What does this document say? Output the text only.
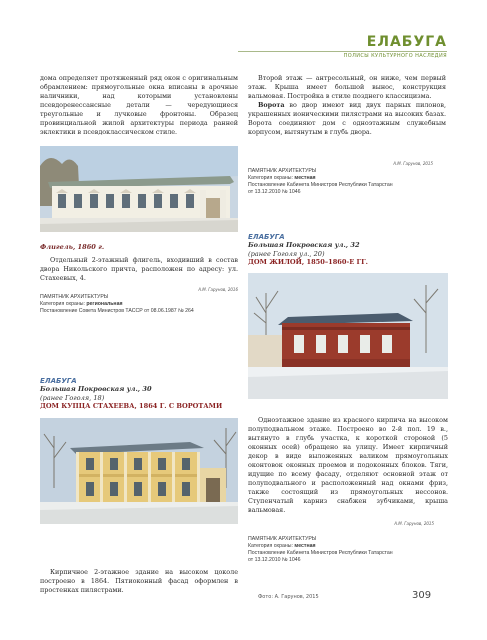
ЕЛАБУГА
ПОЛИСЫ КУЛЬТУРНОГО НАСЛЕДИЯ
дома определяет протяженный ряд окон с оригинальным обрамлением: прямоугольные окна вписаны в арочные наличники, над которыми установлены псевдоренессансные детали — чередующиеся треугольные и лучковые фронтоны. Образец провинциальной жилой архитектуры периода ранней эклектики в псевдоклассическом стиле.

Второй этаж — антресольный, он ниже, чем первый этаж. Крыша имеет большой вынос, конструкция вальмовая. Постройка в стиле позднего классицизма.

Ворота во двор имеют вид двух парных пилонов, украшенных ионическими пилястрами на высоких базах. Ворота соединяют дом с одноэтажным служебным корпусом, вытянутым в глубь двора.

А.М. Гарунов, 2015
ПАМЯТНИК АРХИТЕКТУРЫ
Категория охраны: местная
Постановление Кабинета Министров Республики Татарстан
от 13.12.2010 № 1046
Флигель, 1860 г.

Отдельный 2-этажный флигель, входивший в состав двора Никольского причта, расположен по адресу: ул. Стахеевых, 4.

А.М. Гарунов, 2016
ПАМЯТНИК АРХИТЕКТУРЫ
Категория охраны: региональная
Постановление Совета Министров ТАССР от 08.06.1987 № 264
ЕЛАБУГА
Большая Покровская ул., 32
(ранее Гоголя ул., 20)
ДОМ ЖИЛОЙ, 1850–1860-Е ГГ.
ЕЛАБУГА
Большая Покровская ул., 30
(ранее Гоголя, 18)
ДОМ КУПЦА СТАХЕЕВА, 1864 Г. С ВОРОТАМИ

Кирпичное 2-этажное здание на высоком цоколе построено в 1864. Пятиоконный фасад оформлен в простенках пилястрами.

Одноэтажное здание из красного кирпича на высоком полуподвальном этаже. Построено во 2-й пол. 19 в., вытянуто в глубь участка, к короткой стороной (5 оконных осей) обращено на улицу. Имеет кирпичный декор в виде выложенных валиком прямоугольных оконтовок оконных проемов и подоконных блоков. Тяги, идущие по всему фасаду, отделяют основной этаж от полуподвального и расположенный над окнами фриз, также состоящий из прямоугольных нессонов. Ступенчатый карниз снабжен зубчиками, крыша вальмовая.

А.М. Гарунов, 2015
ПАМЯТНИК АРХИТЕКТУРЫ
Категория охраны: местная
Постановление Кабинета Министров Республики Татарстан
от 13.12.2010 № 1046
Фото: А. Гарунов, 2015	309
